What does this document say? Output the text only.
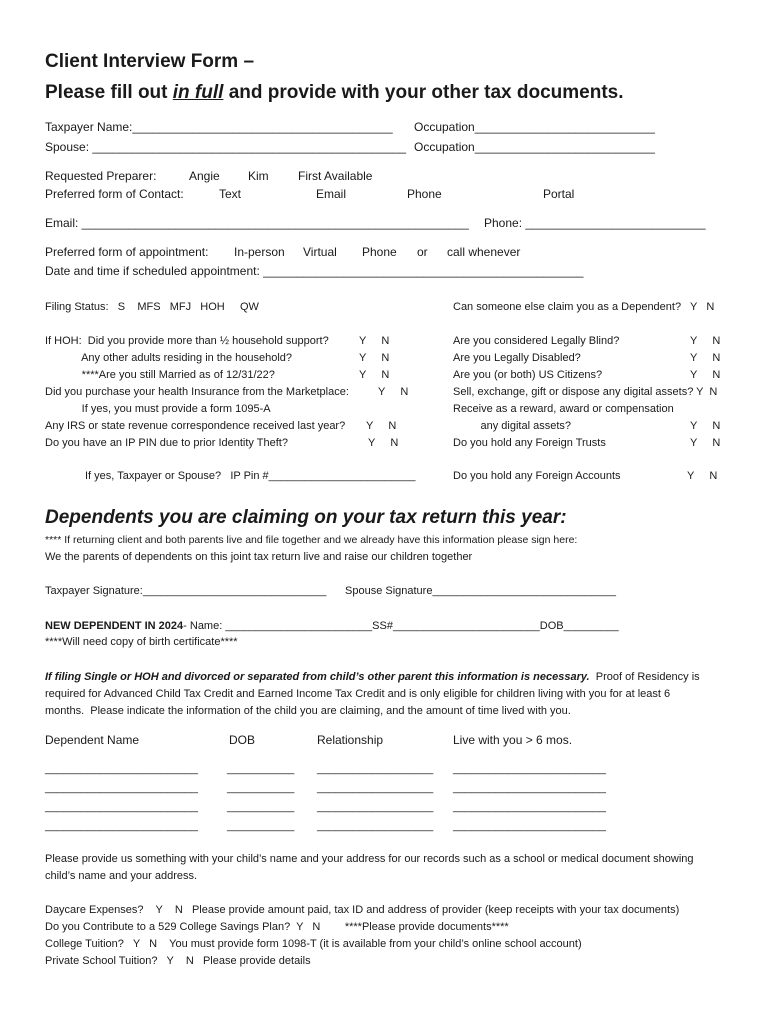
Client Interview Form –
Please fill out in full and provide with your other tax documents.
Taxpayer Name:_______________________________________ Occupation___________________________
Spouse: _______________________________________________ Occupation___________________________
Requested Preparer:	Angie Kim First Available
Preferred form of Contact:	Text	Email	Phone	Portal
Email: __________________________________________________________ Phone: ___________________________
Preferred form of appointment: In-person Virtual Phone or call whenever
Date and time if scheduled appointment: ________________________________________________
Filing Status:   S    MFS   MFJ   HOH     QW	Can someone else claim you as a Dependent?   Y   N
If HOH:  Did you provide more than ½ household support?	Y     N
Any other adults residing in the household?	Y     N
****Are you still Married as of 12/31/22?	Y     N
Did you purchase your health Insurance from the Marketplace:	Y     N
If yes, you must provide a form 1095-A
Any IRS or state revenue correspondence received last year? Y     N
Do you have an IP PIN due to prior Identity Theft?	Y     N
If yes, Taxpayer or Spouse?   IP Pin #________________________
Are you considered Legally Blind?	Y     N
Are you Legally Disabled?	Y     N
Are you (or both) US Citizens?	Y     N
Sell, exchange, gift or dispose any digital assets? Y  N
Receive as a reward, award or compensation
any digital assets?	Y     N
Do you hold any Foreign Trusts	Y     N
Do you hold any Foreign Accounts	Y     N
Dependents you are claiming on your tax return this year:
**** If returning client and both parents live and file together and we already have this information please sign here:
We the parents of dependents on this joint tax return live and raise our children together
Taxpayer Signature:______________________________ Spouse Signature______________________________
NEW DEPENDENT IN 2024- Name: ________________________SS#________________________DOB_________
****Will need copy of birth certificate****
If filing Single or HOH and divorced or separated from child’s other parent this information is necessary.  Proof of Residency is
required for Advanced Child Tax Credit and Earned Income Tax Credit and is only eligible for children living with you for at least 6
months.  Please indicate the information of the child you are claiming, and the amount of time lived with you.
Dependent Name	DOB	Relationship	Live with you > 6 mos.
_________________________	___________ ___________________ _________________________
_________________________	___________ ___________________ _________________________
_________________________	___________ ___________________ _________________________
_________________________	___________ ___________________ _________________________
Please provide us something with your child’s name and your address for our records such as a school or medical document showing
child’s name and your address.
Daycare Expenses?    Y    N   Please provide amount paid, tax ID and address of provider (keep receipts with your tax documents)
Do you Contribute to a 529 College Savings Plan?  Y   N        ****Please provide documents****
College Tuition?   Y   N    You must provide form 1098-T (it is available from your child’s online school account)
Private School Tuition?   Y    N   Please provide details
